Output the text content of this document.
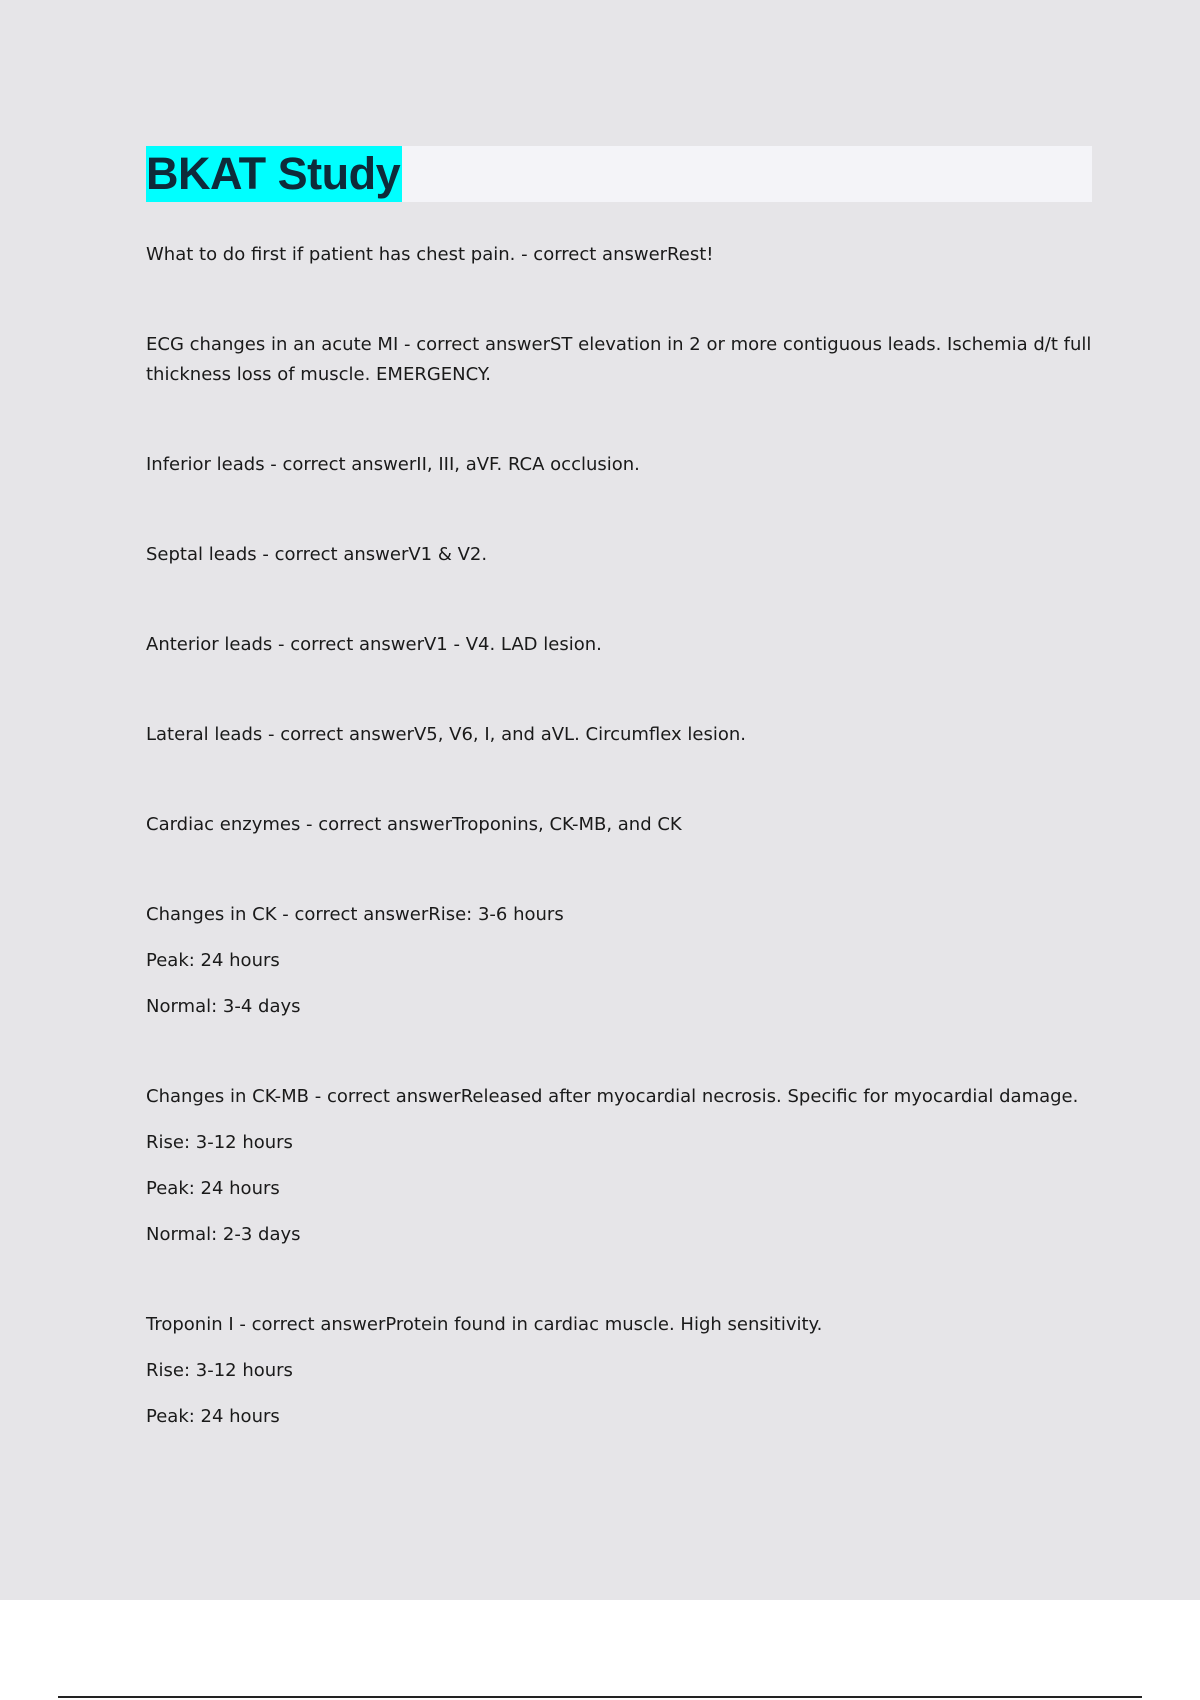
BKAT Study
What to do first if patient has chest pain. - correct answerRest!
ECG changes in an acute MI - correct answerST elevation in 2 or more contiguous leads. Ischemia d/t full thickness loss of muscle. EMERGENCY.
Inferior leads - correct answerII, III, aVF. RCA occlusion.
Septal leads - correct answerV1 & V2.
Anterior leads - correct answerV1 - V4. LAD lesion.
Lateral leads - correct answerV5, V6, I, and aVL. Circumflex lesion.
Cardiac enzymes - correct answerTroponins, CK-MB, and CK
Changes in CK - correct answerRise: 3-6 hours
Peak: 24 hours
Normal: 3-4 days
Changes in CK-MB - correct answerReleased after myocardial necrosis. Specific for myocardial damage.
Rise: 3-12 hours
Peak: 24 hours
Normal: 2-3 days
Troponin I - correct answerProtein found in cardiac muscle. High sensitivity.
Rise: 3-12 hours
Peak: 24 hours
